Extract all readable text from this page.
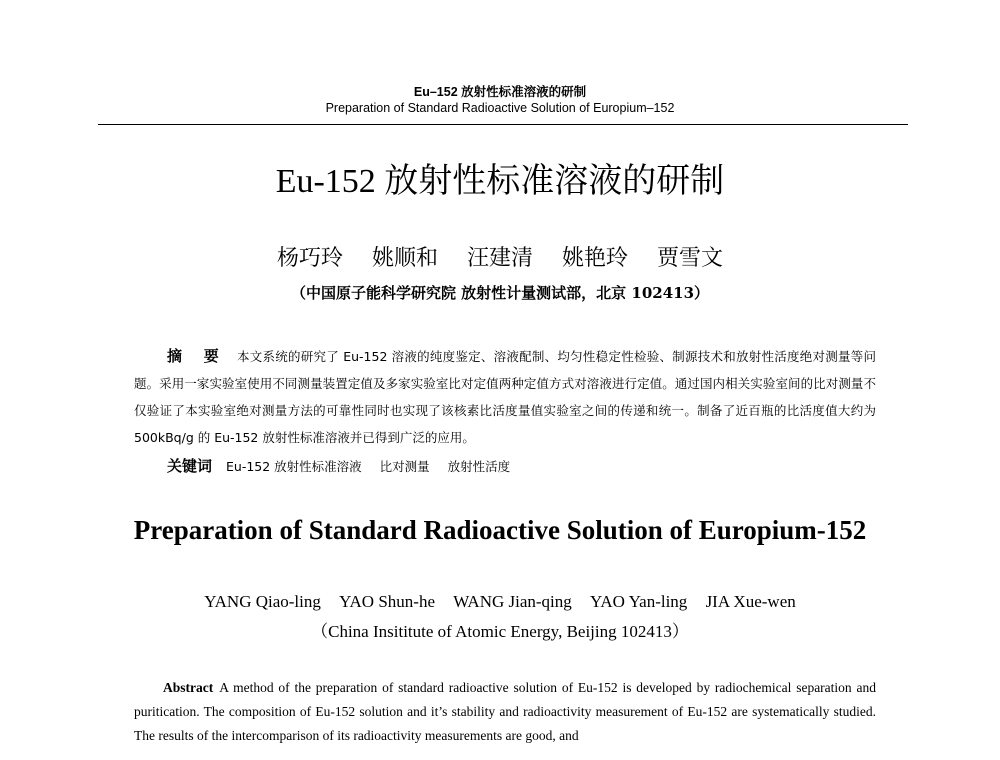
Eu–152 放射性标准溶液的研制
Preparation of Standard Radioactive Solution of Europium–152
Eu-152 放射性标准溶液的研制
杨巧玲 姚顺和 汪建清 姚艳玲 贾雪文
（中国原子能科学研究院 放射性计量测试部，北京 102413）
摘 要 本文系统的研究了 Eu-152 溶液的纯度鉴定、溶液配制、均匀性稳定性检验、制源技术和放射性活度绝对测量等问题。采用一家实验室使用不同测量装置定值及多家实验室比对定值两种定值方式对溶液进行定值。通过国内相关实验室间的比对测量不仅验证了本实验室绝对测量方法的可靠性同时也实现了该核素比活度量值实验室之间的传递和统一。制备了近百瓶的比活度值大约为 500kBq/g 的 Eu-152 放射性标准溶液并已得到广泛的应用。
关键词 Eu-152 放射性标准溶液 比对测量 放射性活度
Preparation of Standard Radioactive Solution of Europium-152
YANG Qiao-ling YAO Shun-he WANG Jian-qing YAO Yan-ling JIA Xue-wen
（China Insititute of Atomic Energy, Beijing 102413）
Abstract A method of the preparation of standard radioactive solution of Eu-152 is developed by radiochemical separation and puritication. The composition of Eu-152 solution and it’s stability and radioactivity measurement of Eu-152 are systematically studied. The results of the intercomparison of its radioactivity measurements are good, and
